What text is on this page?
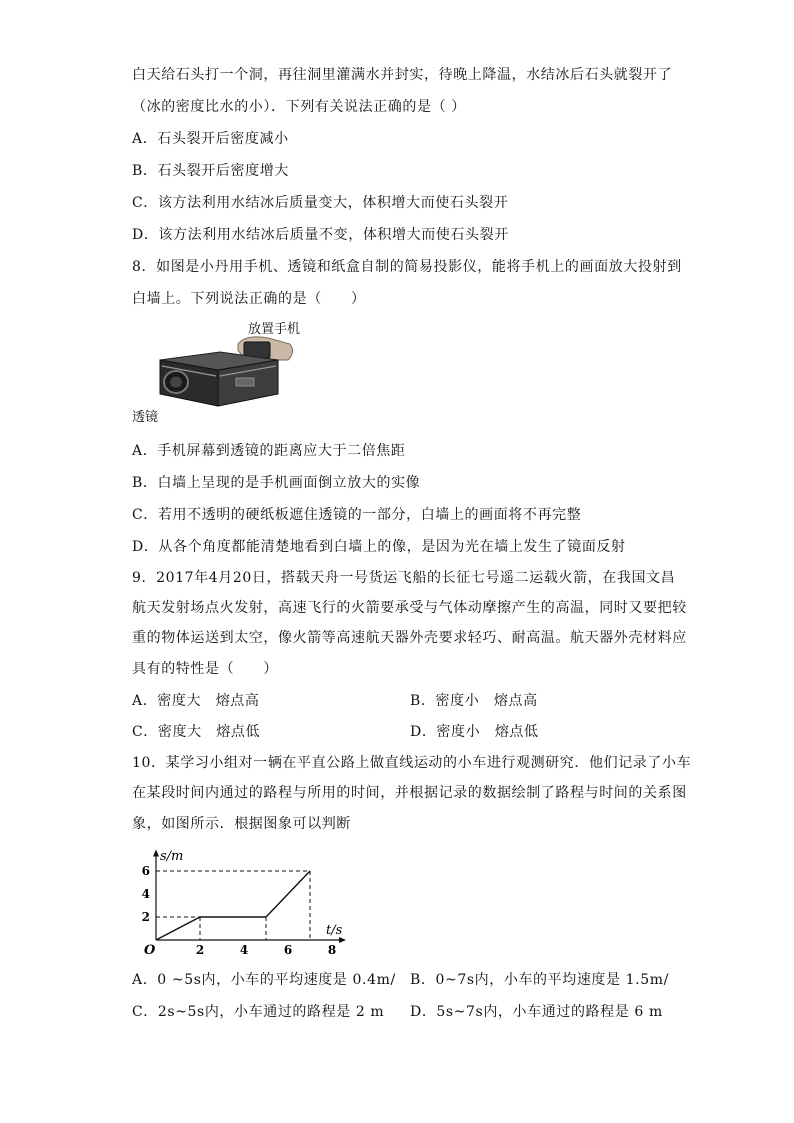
白天给石头打一个洞，再往洞里灌满水并封实，待晚上降温，水结冰后石头就裂开了
（冰的密度比水的小）．下列有关说法正确的是（ ）
A．石头裂开后密度减小
B．石头裂开后密度增大
C．该方法利用水结冰后质量变大，体积增大而使石头裂开
D．该方法利用水结冰后质量不变，体积增大而使石头裂开
8．如图是小丹用手机、透镜和纸盒自制的简易投影仪，能将手机上的画面放大投射到
白墙上。下列说法正确的是（　　）
放置手机
透镜
A．手机屏幕到透镜的距离应大于二倍焦距
B．白墙上呈现的是手机画面倒立放大的实像
C．若用不透明的硬纸板遮住透镜的一部分，白墙上的画面将不再完整
D．从各个角度都能清楚地看到白墙上的像，是因为光在墙上发生了镜面反射
9．2017年4月20日，搭载天舟一号货运飞船的长征七号遥二运载火箭，在我国文昌
航天发射场点火发射，高速飞行的火箭要承受与气体动摩擦产生的高温，同时又要把较
重的物体运送到太空，像火箭等高速航天器外壳要求轻巧、耐高温。航天器外壳材料应
具有的特性是（　　）
A．密度大　熔点高	B．密度小　熔点高
C．密度大　熔点低	D．密度小　熔点低
10．某学习小组对一辆在平直公路上做直线运动的小车进行观测研究．他们记录了小车
在某段时间内通过的路程与所用的时间，并根据记录的数据绘制了路程与时间的关系图
象，如图所示．根据图象可以判断
2	4	6	8
2
4
6
s/m
t/s
O
A．0 ~5s内，小车的平均速度是 0.4m/ B．0~7s内，小车的平均速度是 1.5m/
C．2s~5s内，小车通过的路程是 2 m D．5s~7s内，小车通过的路程是 6 m
